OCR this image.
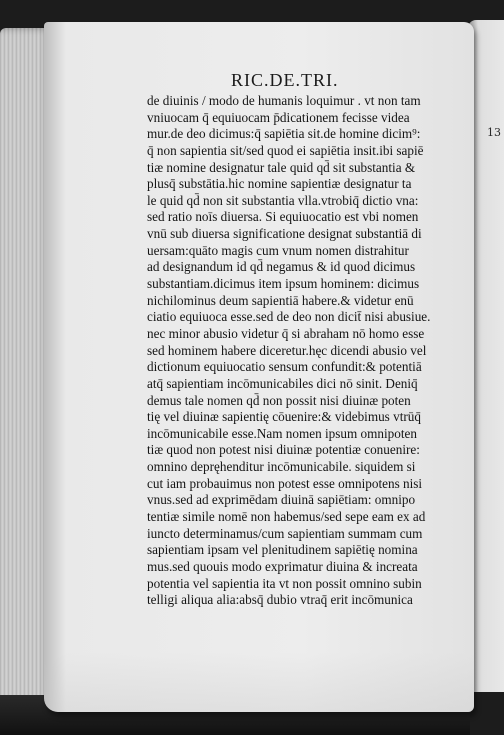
13
RIC.DE.TRI.
de diuinis / modo de humanis loquimur . vt non tam
vniuocam q̄ equiuocam p̄dicationem fecisse videa
mur.de deo dicimus:q̄ sapiētia sit.de homine dicim⁹:
q̄ non sapientia sit/sed quod ei sapiētia insit.ibi sapiē
tiæ nomine designatur tale quid qd̄ sit substantia &
plusq̄ substātia.hic nomine sapientiæ designatur ta
le quid qd̄ non sit substantia vlla.vtrobiq̄ dictio vna:
sed ratio noīs diuersa. Si equiuocatio est vbi nomen
vnū sub diuersa significatione designat substantiā di
uersam:quāto magis cum vnum nomen distrahitur
ad designandum id qd̄ negamus & id quod dicimus
substantiam.dicimus item ipsum hominem: dicimus
nichilominus deum sapientiā habere.& videtur enū
ciatio equiuoca esse.sed de deo non dicit̄ nisi abusiue.
nec minor abusio videtur q̄ si abraham nō homo esse
sed hominem habere diceretur.hęc dicendi abusio vel
dictionum equiuocatio sensum confundit:& potentiā
atq̄ sapientiam incōmunicabiles dici nō sinit. Deniq̄
demus tale nomen qd̄ non possit nisi diuinæ poten
tię vel diuinæ sapientię cōuenire:& videbimus vtrūq̄
incōmunicabile esse.Nam nomen ipsum omnipoten
tiæ quod non potest nisi diuinæ potentiæ conuenire:
omnino depręhenditur incōmunicabile. siquidem si
cut iam probauimus non potest esse omnipotens nisi
vnus.sed ad exprimēdam diuinā sapiētiam: omnipo
tentiæ simile nomē non habemus/sed sepe eam ex ad
iuncto determinamus/cum sapientiam summam cum
sapientiam ipsam vel plenitudinem sapiētię nomina
mus.sed quouis modo exprimatur diuina & increata
potentia vel sapientia ita vt non possit omnino subin
telligi aliqua alia:absq̄ dubio vtraq̄ erit incōmunica
